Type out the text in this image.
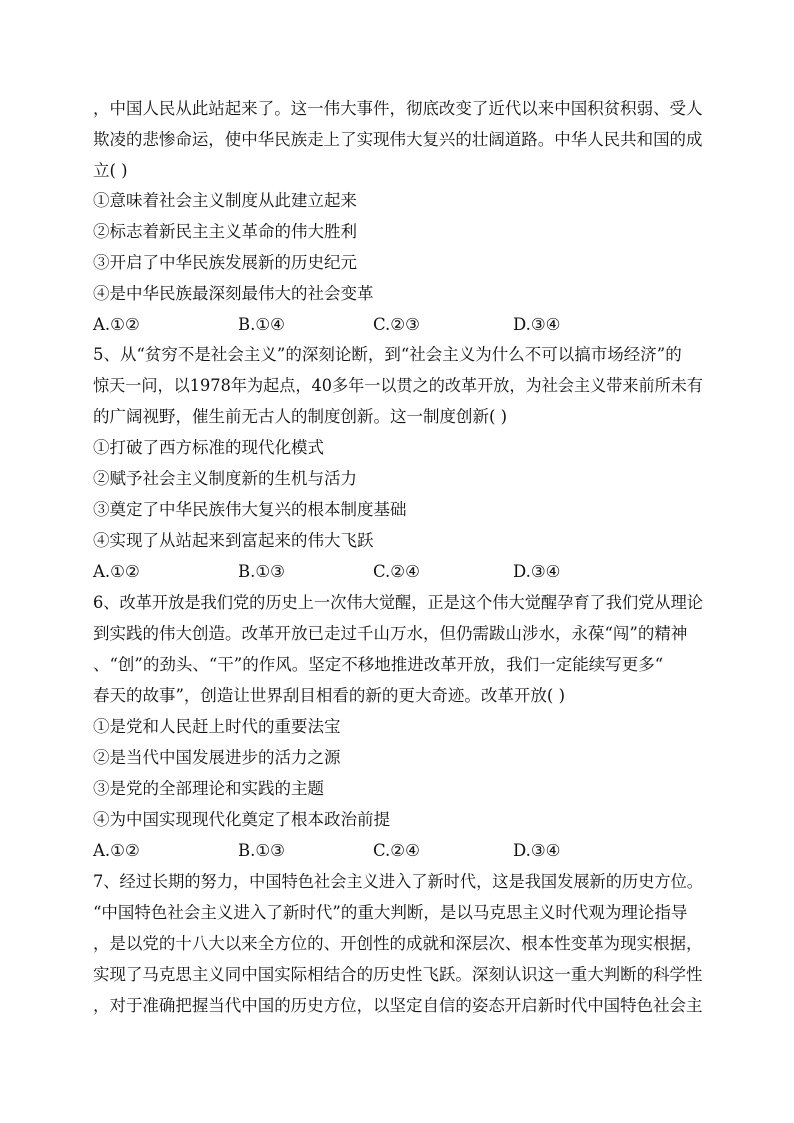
，中国人民从此站起来了。这一伟大事件，彻底改变了近代以来中国积贫积弱、受人
欺凌的悲惨命运，使中华民族走上了实现伟大复兴的壮阔道路。中华人民共和国的成
立( )
①意味着社会主义制度从此建立起来
②标志着新民主主义革命的伟大胜利
③开启了中华民族发展新的历史纪元
④是中华民族最深刻最伟大的社会变革
A.①②	B.①④	C.②③	D.③④
5、从“贫穷不是社会主义”的深刻论断，到“社会主义为什么不可以搞市场经济”的
惊天一问，以1978年为起点，40多年一以贯之的改革开放，为社会主义带来前所未有
的广阔视野，催生前无古人的制度创新。这一制度创新( )
①打破了西方标准的现代化模式
②赋予社会主义制度新的生机与活力
③奠定了中华民族伟大复兴的根本制度基础
④实现了从站起来到富起来的伟大飞跃
A.①②	B.①③	C.②④	D.③④
6、改革开放是我们党的历史上一次伟大觉醒，正是这个伟大觉醒孕育了我们党从理论
到实践的伟大创造。改革开放已走过千山万水，但仍需跋山涉水，永葆“闯”的精神
、“创”的劲头、“干”的作风。坚定不移地推进改革开放，我们一定能续写更多“
春天的故事”，创造让世界刮目相看的新的更大奇迹。改革开放( )
①是党和人民赶上时代的重要法宝
②是当代中国发展进步的活力之源
③是党的全部理论和实践的主题
④为中国实现现代化奠定了根本政治前提
A.①②	B.①③	C.②④	D.③④
7、经过长期的努力，中国特色社会主义进入了新时代，这是我国发展新的历史方位。
“中国特色社会主义进入了新时代”的重大判断，是以马克思主义时代观为理论指导
，是以党的十八大以来全方位的、开创性的成就和深层次、根本性变革为现实根据，
实现了马克思主义同中国实际相结合的历史性飞跃。深刻认识这一重大判断的科学性
，对于准确把握当代中国的历史方位，以坚定自信的姿态开启新时代中国特色社会主
